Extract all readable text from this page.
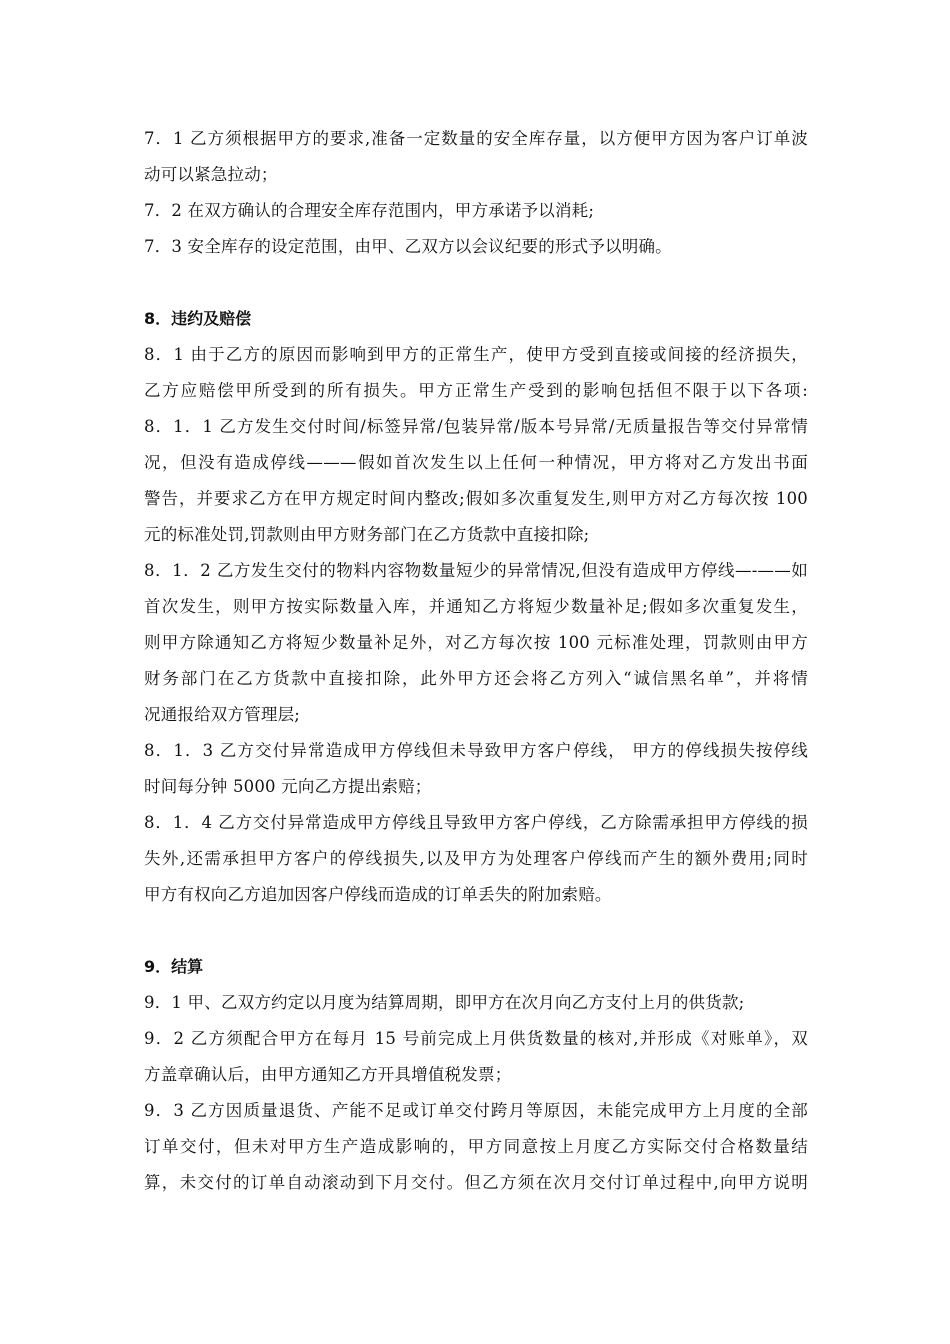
7．1 乙方须根据甲方的要求,准备一定数量的安全库存量，以方便甲方因为客户订单波
动可以紧急拉动；
7．2 在双方确认的合理安全库存范围内，甲方承诺予以消耗;
7．3 安全库存的设定范围，由甲、乙双方以会议纪要的形式予以明确。
8．违约及赔偿
8．1 由于乙方的原因而影响到甲方的正常生产，使甲方受到直接或间接的经济损失，
乙方应赔偿甲所受到的所有损失。甲方正常生产受到的影响包括但不限于以下各项:
8．1．1 乙方发生交付时间/标签异常/包装异常/版本号异常/无质量报告等交付异常情
况，但没有造成停线———假如首次发生以上任何一种情况，甲方将对乙方发出书面
警告，并要求乙方在甲方规定时间内整改;假如多次重复发生,则甲方对乙方每次按 100
元的标准处罚,罚款则由甲方财务部门在乙方货款中直接扣除;
8．1．2 乙方发生交付的物料内容物数量短少的异常情况,但没有造成甲方停线—-——如
首次发生，则甲方按实际数量入库，并通知乙方将短少数量补足;假如多次重复发生，
则甲方除通知乙方将短少数量补足外，对乙方每次按 100 元标准处理，罚款则由甲方
财务部门在乙方货款中直接扣除，此外甲方还会将乙方列入“诚信黑名单”，并将情
况通报给双方管理层;
8．1．3 乙方交付异常造成甲方停线但未导致甲方客户停线， 甲方的停线损失按停线
时间每分钟 5000 元向乙方提出索赔；
8．1．4 乙方交付异常造成甲方停线且导致甲方客户停线，乙方除需承担甲方停线的损
失外,还需承担甲方客户的停线损失,以及甲方为处理客户停线而产生的额外费用;同时
甲方有权向乙方追加因客户停线而造成的订单丢失的附加索赔。
9．结算
9．1 甲、乙双方约定以月度为结算周期，即甲方在次月向乙方支付上月的供货款;
9．2 乙方须配合甲方在每月 15 号前完成上月供货数量的核对,并形成《对账单》，双
方盖章确认后，由甲方通知乙方开具增值税发票；
9．3 乙方因质量退货、产能不足或订单交付跨月等原因，未能完成甲方上月度的全部
订单交付，但未对甲方生产造成影响的，甲方同意按上月度乙方实际交付合格数量结
算，未交付的订单自动滚动到下月交付。但乙方须在次月交付订单过程中,向甲方说明
